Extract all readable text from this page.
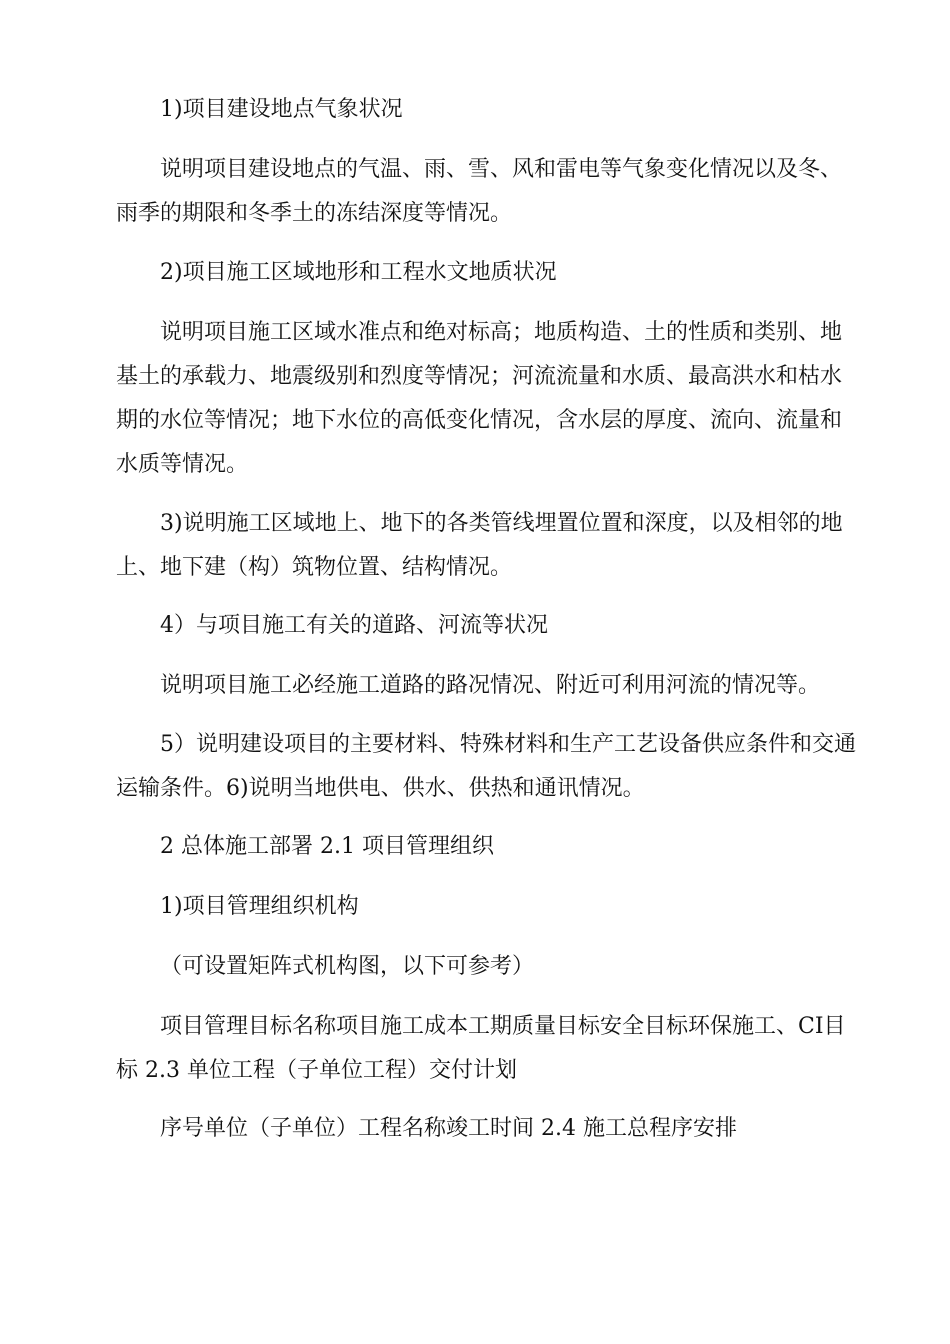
1)项目建设地点气象状况

说明项目建设地点的气温、雨、雪、风和雷电等气象变化情况以及冬、雨季的期限和冬季土的冻结深度等情况。

2)项目施工区域地形和工程水文地质状况

说明项目施工区域水准点和绝对标高；地质构造、土的性质和类别、地基土的承载力、地震级别和烈度等情况；河流流量和水质、最高洪水和枯水期的水位等情况；地下水位的高低变化情况，含水层的厚度、流向、流量和水质等情况。

3)说明施工区域地上、地下的各类管线埋置位置和深度，以及相邻的地上、地下建（构）筑物位置、结构情况。

4）与项目施工有关的道路、河流等状况

说明项目施工必经施工道路的路况情况、附近可利用河流的情况等。

5）说明建设项目的主要材料、特殊材料和生产工艺设备供应条件和交通运输条件。6)说明当地供电、供水、供热和通讯情况。

2 总体施工部署 2.1 项目管理组织

1)项目管理组织机构

（可设置矩阵式机构图，以下可参考）

项目管理目标名称项目施工成本工期质量目标安全目标环保施工、CI目标 2.3 单位工程（子单位工程）交付计划

序号单位（子单位）工程名称竣工时间 2.4 施工总程序安排
